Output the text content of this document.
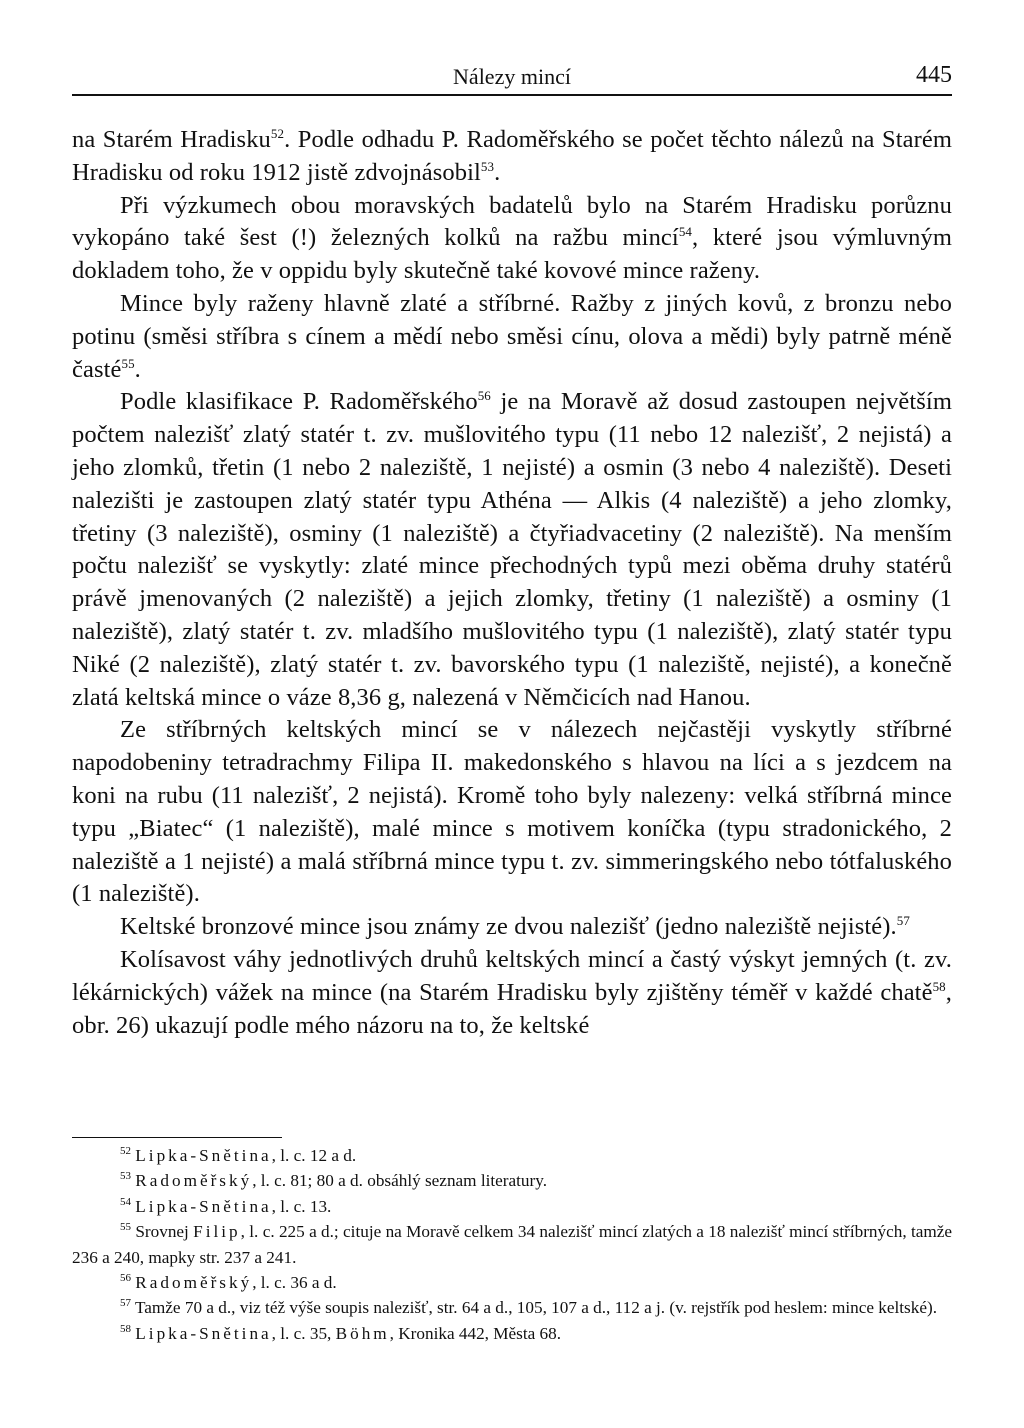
Nálezy mincí	445

na Starém Hradisku$^{52}$. Podle odhadu P. Radoměřského se počet těchto nálezů na Starém Hradisku od roku 1912 jistě zdvojnásobil$^{53}$.

Při výzkumech obou moravských badatelů bylo na Starém Hradisku porůznu vykopáno také šest (!) železných kolků na ražbu mincí$^{54}$, které jsou výmluvným dokladem toho, že v oppidu byly skutečně také kovové mince raženy.

Mince byly raženy hlavně zlaté a stříbrné. Ražby z jiných kovů, z bronzu nebo potinu (směsi stříbra s cínem a mědí nebo směsi cínu, olova a mědi) byly patrně méně časté$^{55}$.

Podle klasifikace P. Radoměřského$^{56}$ je na Moravě až dosud zastoupen největším počtem nalezišť zlatý statér t. zv. mušlovitého typu (11 nebo 12 nalezišť, 2 nejistá) a jeho zlomků, třetin (1 nebo 2 naleziště, 1 nejisté) a osmin (3 nebo 4 naleziště). Deseti nalezišti je zastoupen zlatý statér typu Athéna — Alkis (4 naleziště) a jeho zlomky, třetiny (3 naleziště), osminy (1 naleziště) a čtyřiadvacetiny (2 naleziště). Na menším počtu nalezišť se vyskytly: zlaté mince přechodných typů mezi oběma druhy statérů právě jmenovaných (2 naleziště) a jejich zlomky, třetiny (1 naleziště) a osminy (1 naleziště), zlatý statér t. zv. mladšího mušlovitého typu (1 naleziště), zlatý statér typu Niké (2 naleziště), zlatý statér t. zv. bavorského typu (1 naleziště, nejisté), a konečně zlatá keltská mince o váze 8,36 g, nalezená v Němčicích nad Hanou.

Ze stříbrných keltských mincí se v nálezech nejčastěji vyskytly stříbrné napodobeniny tetradrachmy Filipa II. makedonského s hlavou na líci a s jezdcem na koni na rubu (11 nalezišť, 2 nejistá). Kromě toho byly nalezeny: velká stříbrná mince typu „Biatec“ (1 naleziště), malé mince s motivem koníčka (typu stradonického, 2 naleziště a 1 nejisté) a malá stříbrná mince typu t. zv. simmeringského nebo tótfaluského (1 naleziště).

Keltské bronzové mince jsou známy ze dvou nalezišť (jedno naleziště nejisté).$^{57}$

Kolísavost váhy jednotlivých druhů keltských mincí a častý výskyt jemných (t. zv. lékárnických) vážek na mince (na Starém Hradisku byly zjištěny téměř v každé chatě$^{58}$, obr. 26) ukazují podle mého názoru na to, že keltské

$^{52}$ Lipka-Snětina, l. c. 12 a d.

$^{53}$ Radoměřský, l. c. 81; 80 a d. obsáhlý seznam literatury.

$^{54}$ Lipka-Snětina, l. c. 13.

$^{55}$ Srovnej Filip, l. c. 225 a d.; cituje na Moravě celkem 34 nalezišť mincí zlatých a 18 nalezišť mincí stříbrných, tamže 236 a 240, mapky str. 237 a 241.

$^{56}$ Radoměřský, l. c. 36 a d.

$^{57}$ Tamže 70 a d., viz též výše soupis nalezišť, str. 64 a d., 105, 107 a d., 112 a j. (v. rejstřík pod heslem: mince keltské).

$^{58}$ Lipka-Snětina, l. c. 35, Böhm, Kronika 442, Města 68.
